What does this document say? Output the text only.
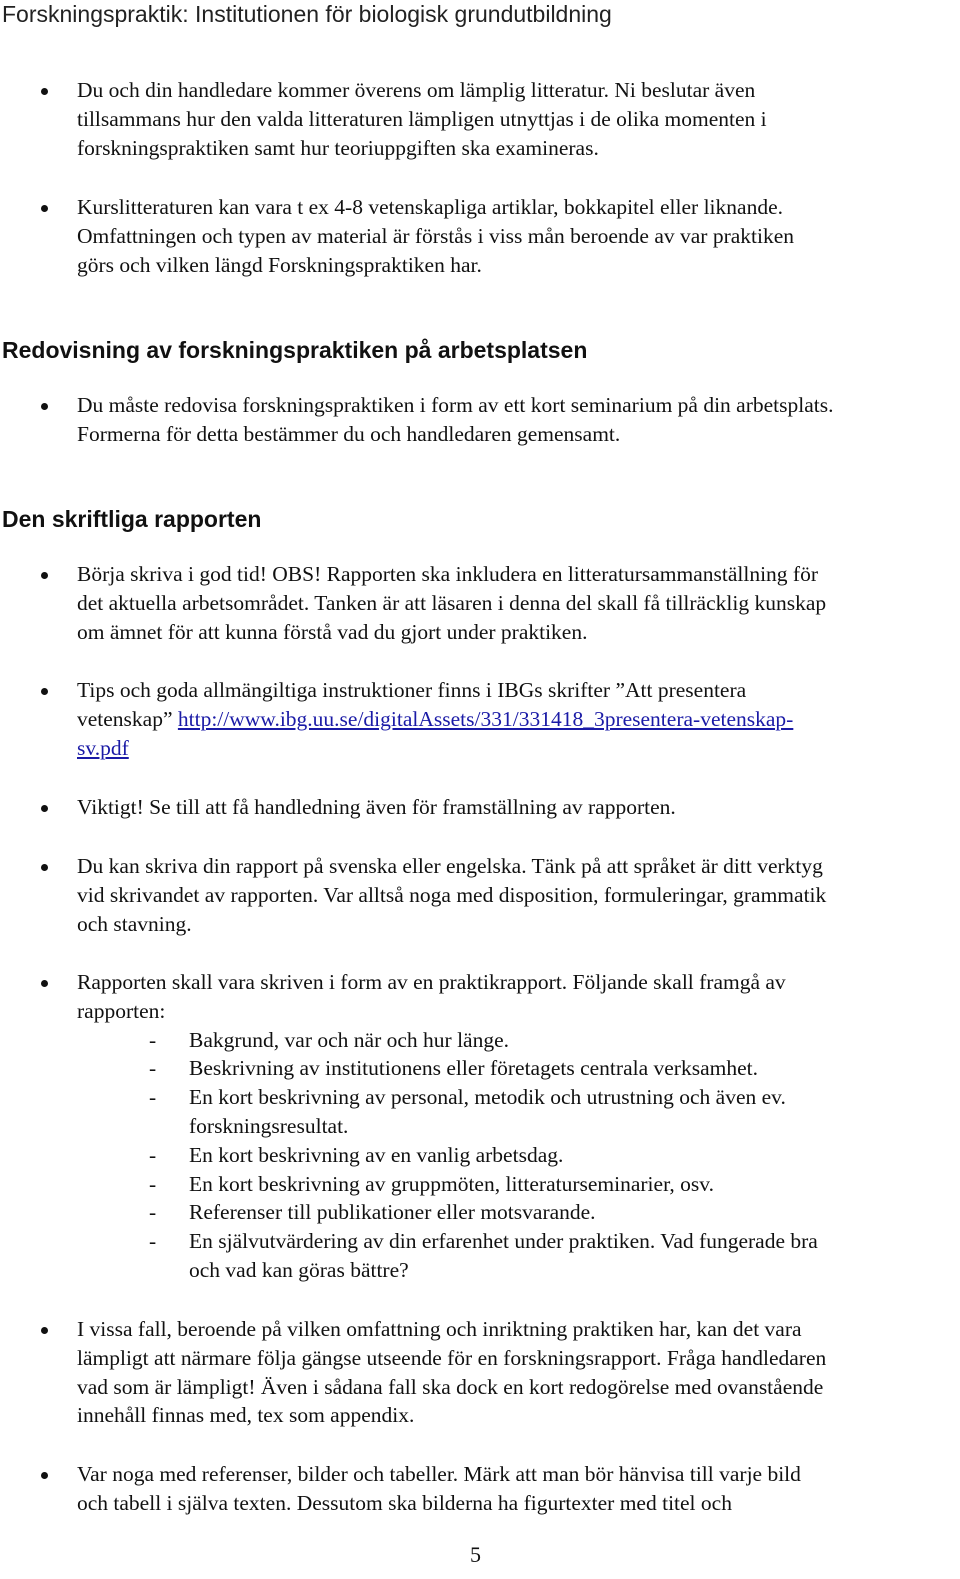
Forskningspraktik: Institutionen för biologisk grundutbildning
Du och din handledare kommer överens om lämplig litteratur. Ni beslutar även
tillsammans hur den valda litteraturen lämpligen utnyttjas i de olika momenten i
forskningspraktiken samt hur teoriuppgiften ska examineras.
Kurslitteraturen kan vara t ex 4-8 vetenskapliga artiklar, bokkapitel eller liknande.
Omfattningen och typen av material är förstås i viss mån beroende av var praktiken
görs och vilken längd Forskningspraktiken har.
Redovisning av forskningspraktiken på arbetsplatsen
Du måste redovisa forskningspraktiken i form av ett kort seminarium på din arbetsplats.
Formerna för detta bestämmer du och handledaren gemensamt.
Den skriftliga rapporten
Börja skriva i god tid! OBS! Rapporten ska inkludera en litteratursammanställning för
det aktuella arbetsområdet. Tanken är att läsaren i denna del skall få tillräcklig kunskap
om ämnet för att kunna förstå vad du gjort under praktiken.
Tips och goda allmängiltiga instruktioner finns i IBGs skrifter ”Att presentera
vetenskap” http://www.ibg.uu.se/digitalAssets/331/331418_3presentera-vetenskap-
sv.pdf
Viktigt! Se till att få handledning även för framställning av rapporten.
Du kan skriva din rapport på svenska eller engelska. Tänk på att språket är ditt verktyg
vid skrivandet av rapporten. Var alltså noga med disposition, formuleringar, grammatik
och stavning.
Rapporten skall vara skriven i form av en praktikrapport. Följande skall framgå av
rapporten:
- Bakgrund, var och när och hur länge.
- Beskrivning av institutionens eller företagets centrala verksamhet.
- En kort beskrivning av personal, metodik och utrustning och även ev.
forskningsresultat.
- En kort beskrivning av en vanlig arbetsdag.
- En kort beskrivning av gruppmöten, litteraturseminarier, osv.
- Referenser till publikationer eller motsvarande.
- En självutvärdering av din erfarenhet under praktiken. Vad fungerade bra
och vad kan göras bättre?
I vissa fall, beroende på vilken omfattning och inriktning praktiken har, kan det vara
lämpligt att närmare följa gängse utseende för en forskningsrapport. Fråga handledaren
vad som är lämpligt! Även i sådana fall ska dock en kort redogörelse med ovanstående
innehåll finnas med, tex som appendix.
Var noga med referenser, bilder och tabeller. Märk att man bör hänvisa till varje bild
och tabell i själva texten. Dessutom ska bilderna ha figurtexter med titel och
5
